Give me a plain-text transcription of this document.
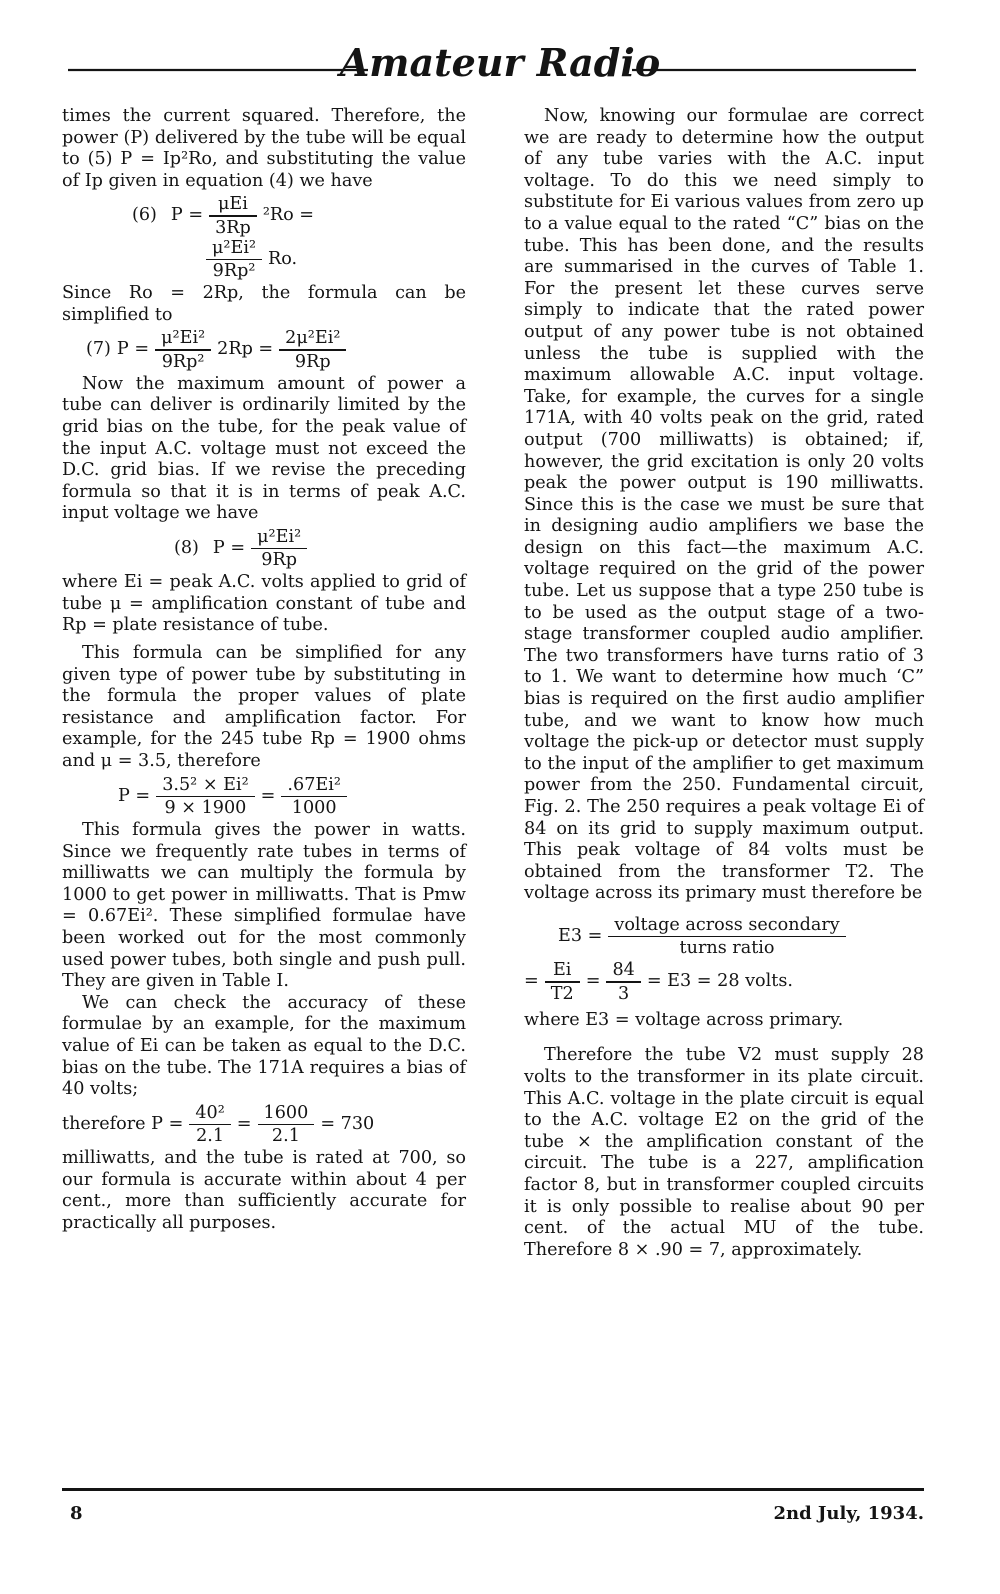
Amateur Radio

times the current squared. Therefore, the power (P) delivered by the tube will be equal to (5) P = Ip²Ro, and substituting the value of Ip given in equation (4) we have

(6) $P = \frac{\text{μEi}}{3Rp} ^2Ro$ =
$\frac{\text{μ²Ei²}}{\text{9Rp²}} Ro$.

Since Ro = 2Rp, the formula can be simplified to

(7) $P = \frac{\text{μ²Ei²}}{\text{9Rp²}} 2Rp = \frac{\text{2μ²Ei²}}{9Rp}$

Now the maximum amount of power a tube can deliver is ordinarily limited by the grid bias on the tube, for the peak value of the input A.C. voltage must not exceed the D.C. grid bias. If we revise the preceding formula so that it is in terms of peak A.C. input voltage we have

(8) $P = \frac{\text{μ²Ei²}}{9Rp}$

where Ei = peak A.C. volts applied to grid of tube μ = amplification constant of tube and Rp = plate resistance of tube.

This formula can be simplified for any given type of power tube by substituting in the formula the proper values of plate resistance and amplification factor. For example, for the 245 tube Rp = 1900 ohms and μ = 3.5, therefore

$P = \frac{\text{3.5² × Ei²}}{9 \times 1900} = \frac{\text{.67Ei²}}{1000}$

This formula gives the power in watts. Since we frequently rate tubes in terms of milliwatts we can multiply the formula by 1000 to get power in milliwatts. That is Pmw = 0.67Ei². These simplified formulae have been worked out for the most commonly used power tubes, both single and push pull. They are given in Table I.

We can check the accuracy of these formulae by an example, for the maximum value of Ei can be taken as equal to the D.C. bias on the tube. The 171A requires a bias of 40 volts;

therefore $P = \frac{\text{40²}}{2.1} = \frac{1600}{2.1} = 730$

milliwatts, and the tube is rated at 700, so our formula is accurate within about 4 per cent., more than sufficiently accurate for practically all purposes.

Now, knowing our formulae are correct we are ready to determine how the output of any tube varies with the A.C. input voltage. To do this we need simply to substitute for Ei various values from zero up to a value equal to the rated “C” bias on the tube. This has been done, and the results are summarised in the curves of Table 1. For the present let these curves serve simply to indicate that the rated power output of any power tube is not obtained unless the tube is supplied with the maximum allowable A.C. input voltage. Take, for example, the curves for a single 171A, with 40 volts peak on the grid, rated output (700 milliwatts) is obtained; if, however, the grid excitation is only 20 volts peak the power output is 190 milliwatts. Since this is the case we must be sure that in designing audio amplifiers we base the design on this fact—the maximum A.C. voltage required on the grid of the power tube. Let us suppose that a type 250 tube is to be used as the output stage of a two-stage transformer coupled audio amplifier. The two transformers have turns ratio of 3 to 1. We want to determine how much ‘C” bias is required on the first audio amplifier tube, and we want to know how much voltage the pick-up or detector must supply to the input of the amplifier to get maximum power from the 250. Fundamental circuit, Fig. 2. The 250 requires a peak voltage Ei of 84 on its grid to supply maximum output. This peak voltage of 84 volts must be obtained from the transformer T2. The voltage across its primary must therefore be

$E3 = \frac{\text{voltage across secondary}}{\text{turns ratio}}$
= $\frac{Ei}{T2} = \frac{84}{3} = E3 = 28$ volts.

where E3 = voltage across primary.

Therefore the tube V2 must supply 28 volts to the transformer in its plate circuit. This A.C. voltage in the plate circuit is equal to the A.C. voltage E2 on the grid of the tube × the amplification constant of the circuit. The tube is a 227, amplification factor 8, but in transformer coupled circuits it is only possible to realise about 90 per cent. of the actual MU of the tube. Therefore 8 × .90 = 7, approximately.

8	2nd July, 1934.
